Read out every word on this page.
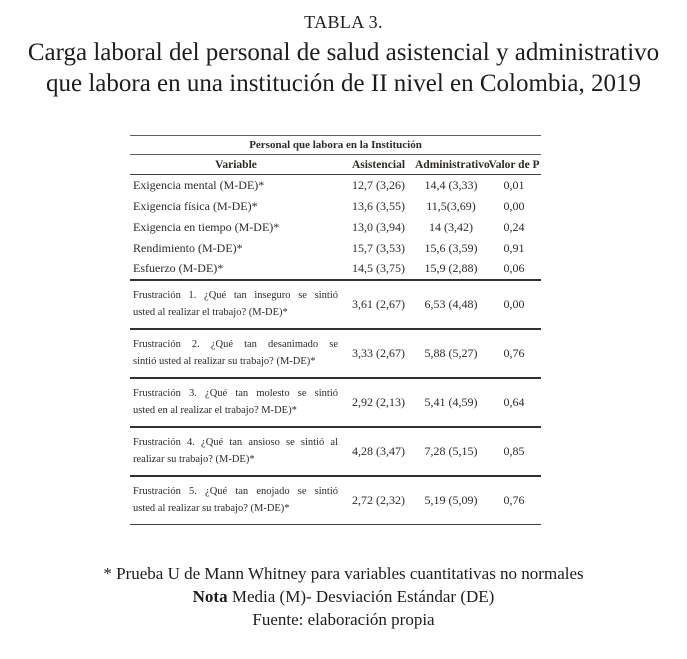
TABLA 3.
Carga laboral del personal de salud asistencial y administrativo
que labora en una institución de II nivel en Colombia, 2019
Personal que labora en la Institución			
Variable	Asistencial	Administrativo	Valor de P
Exigencia mental (M-DE)*	12,7 (3,26)	14,4 (3,33)	0,01
Exigencia física (M-DE)*	13,6 (3,55)	11,5(3,69)	0,00
Exigencia en tiempo (M-DE)*	13,0 (3,94)	14 (3,42)	0,24
Rendimiento (M-DE)*	15,7 (3,53)	15,6 (3,59)	0,91
Esfuerzo (M-DE)*	14,5 (3,75)	15,9 (2,88)	0,06

Frustración 1. ¿Qué tan inseguro se sintió
usted al realizar el trabajo? (M-DE)*	3,61 (2,67)	6,53 (4,48)	0,00

Frustración 2. ¿Qué tan desanimado se
sintió usted al realizar su trabajo? (M-DE)*	3,33 (2,67)	5,88 (5,27)	0,76

Frustración 3. ¿Qué tan molesto se sintió
usted en al realizar el trabajo? M-DE)*	2,92 (2,13)	5,41 (4,59)	0,64

Frustración 4. ¿Qué tan ansioso se sintió al
realizar su trabajo? (M-DE)*	4,28 (3,47)	7,28 (5,15)	0,85

Frustración 5. ¿Qué tan enojado se sintió
usted al realizar su trabajo? (M-DE)*	2,72 (2,32)	5,19 (5,09)	0,76
* Prueba U de Mann Whitney para variables cuantitativas no normales
Nota Media (M)- Desviación Estándar (DE)
Fuente: elaboración propia
